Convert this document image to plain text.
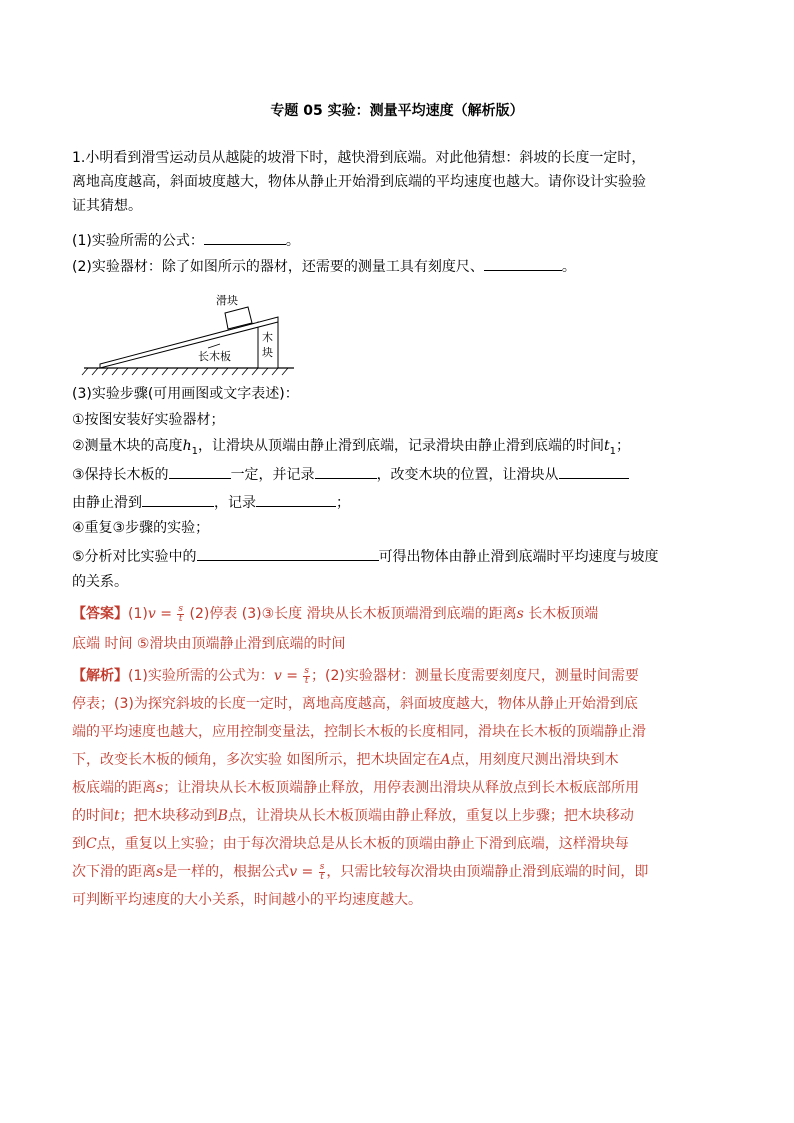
专题 05 实验：测量平均速度（解析版）
1.小明看到滑雪运动员从越陡的坡滑下时，越快滑到底端。对此他猜想：斜坡的长度一定时，
离地高度越高，斜面坡度越大，物体从静止开始滑到底端的平均速度也越大。请你设计实验验
证其猜想。
(1)实验所需的公式：	。
(2)实验器材：除了如图所示的器材，还需要的测量工具有刻度尺、	。
滑块
长木板
木
块
(3)实验步骤(可用画图或文字表述)：
①按图安装好实验器材；
②测量木块的高度$h_1$，让滑块从顶端由静止滑到底端，记录滑块由静止滑到底端的时间$t_1$；
③保持长木板的	一定，并记录	，改变木块的位置，让滑块从
由静止滑到	，记录	；
④重复③步骤的实验；
⑤分析对比实验中的	可得出物体由静止滑到底端时平均速度与坡度
的关系。
【答案】$(1)v = \frac{s}{t} (2)$停表 (3)③长度 滑块从长木板顶端滑到底端的距离s 长木板顶端
底端 时间 ⑤滑块由顶端静止滑到底端的时间
【解析】(1)实验所需的公式为：$v = \frac{s}{t}$ ；(2)实验器材：测量长度需要刻度尺，测量时间需要
停表；(3)为探究斜坡的长度一定时，离地高度越高，斜面坡度越大，物体从静止开始滑到底
端的平均速度也越大，应用控制变量法，控制长木板的长度相同，滑块在长木板的顶端静止滑
下，改变长木板的倾角，多次实验 如图所示，把木块固定在A点，用刻度尺测出滑块到木
板底端的距离s；让滑块从长木板顶端静止释放，用停表测出滑块从释放点到长木板底部所用
的时间t；把木块移动到B点，让滑块从长木板顶端由静止释放，重复以上步骤；把木块移动
到C点，重复以上实验；由于每次滑块总是从长木板的顶端由静止下滑到底端，这样滑块每
次下滑的距离s是一样的，根据公式$v = \frac{s}{t}$ ，只需比较每次滑块由顶端静止滑到底端的时间，即
可判断平均速度的大小关系，时间越小的平均速度越大。
